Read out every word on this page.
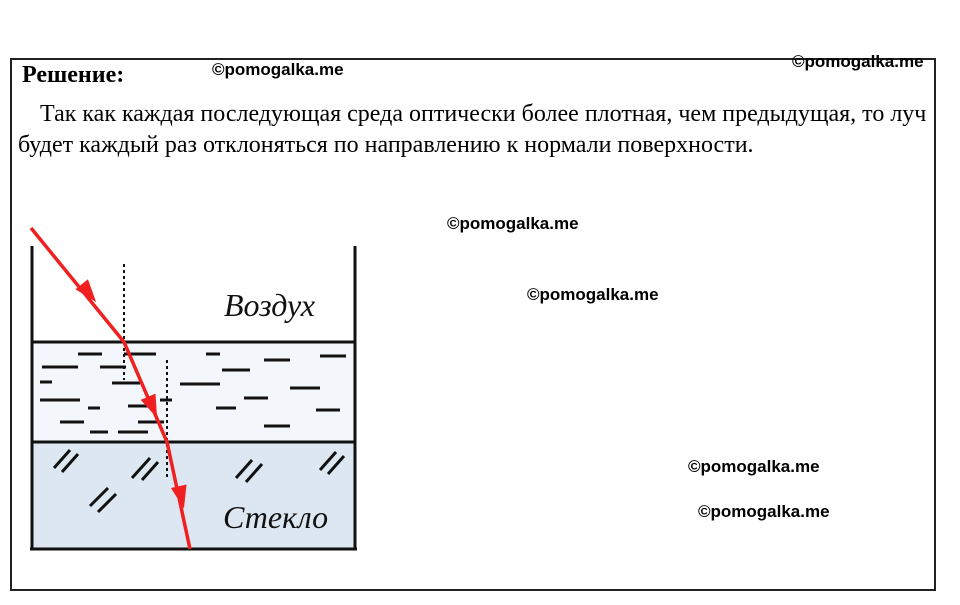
Решение:

Так как каждая последующая среда оптически более плотная, чем предыдущая, то луч будет каждый раз отклоняться по направлению к нормали поверхности.

©pomogalka.me	©pomogalka.me
©pomogalka.me
©pomogalka.me
©pomogalka.me
©pomogalka.me
Воздух
Стекло
